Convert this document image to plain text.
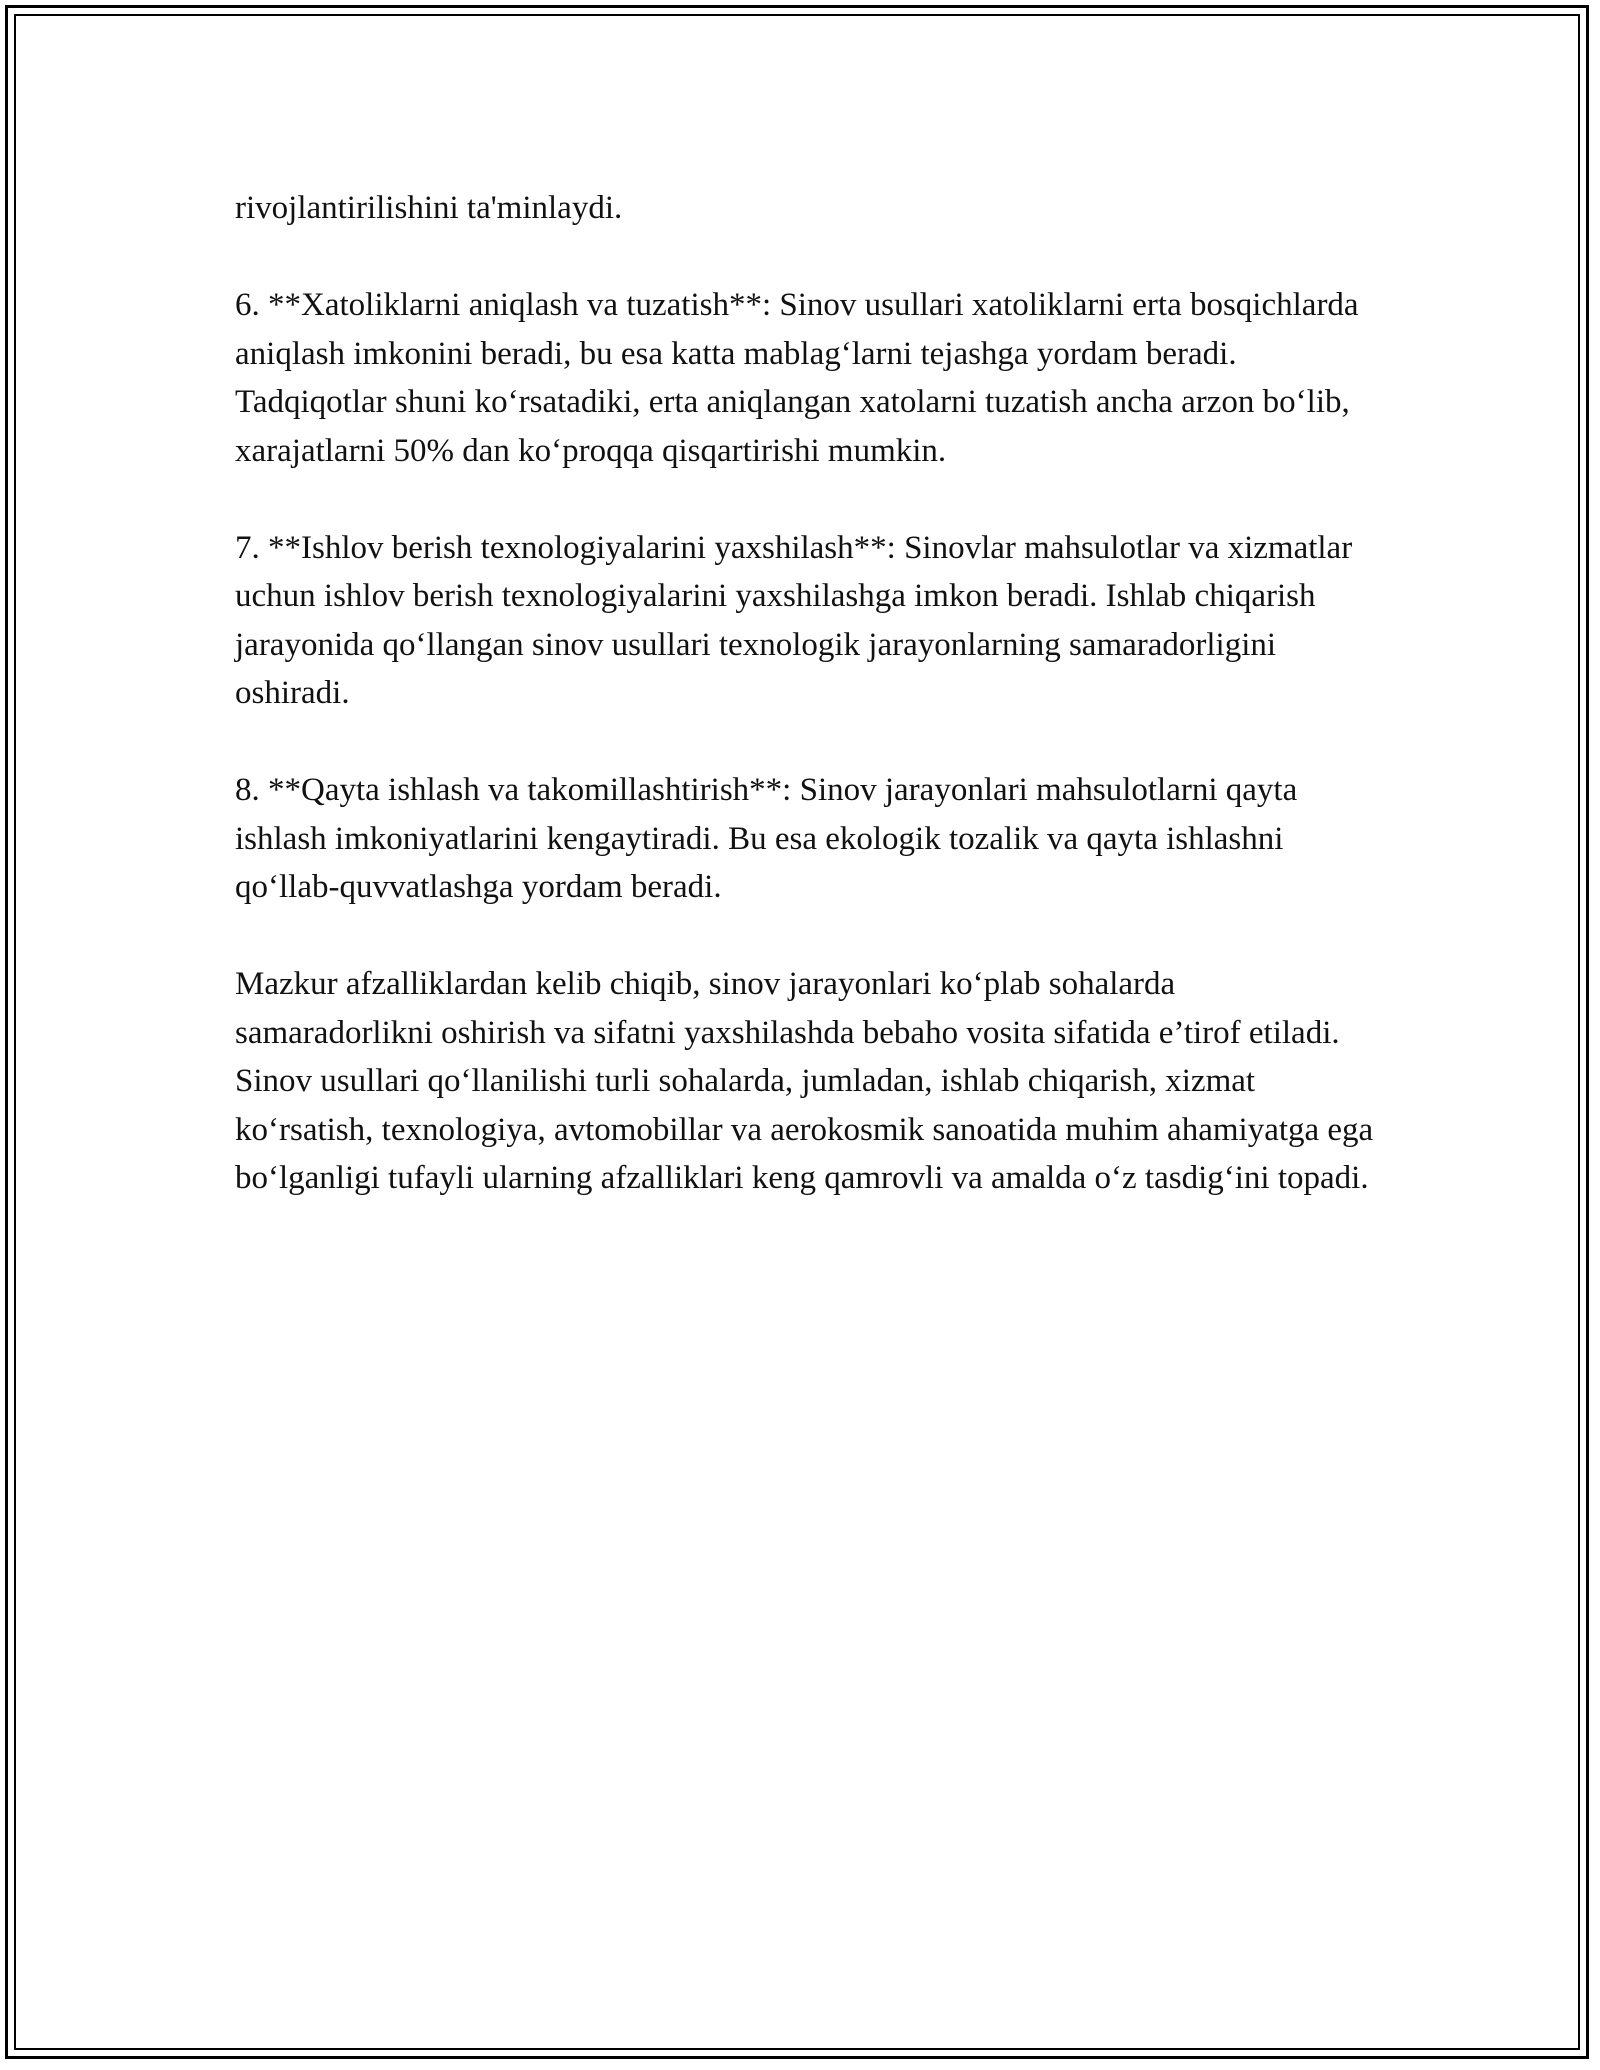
rivojlantirilishini ta'minlaydi.

6. **Xatoliklarni aniqlash va tuzatish**: Sinov usullari xatoliklarni erta bosqichlarda aniqlash imkonini beradi, bu esa katta mablag‘larni tejashga yordam beradi. Tadqiqotlar shuni ko‘rsatadiki, erta aniqlangan xatolarni tuzatish ancha arzon bo‘lib, xarajatlarni 50% dan ko‘proqqa qisqartirishi mumkin.

7. **Ishlov berish texnologiyalarini yaxshilash**: Sinovlar mahsulotlar va xizmatlar uchun ishlov berish texnologiyalarini yaxshilashga imkon beradi. Ishlab chiqarish jarayonida qo‘llangan sinov usullari texnologik jarayonlarning samaradorligini oshiradi.

8. **Qayta ishlash va takomillashtirish**: Sinov jarayonlari mahsulotlarni qayta ishlash imkoniyatlarini kengaytiradi. Bu esa ekologik tozalik va qayta ishlashni qo‘llab-quvvatlashga yordam beradi.

Mazkur afzalliklardan kelib chiqib, sinov jarayonlari ko‘plab sohalarda samaradorlikni oshirish va sifatni yaxshilashda bebaho vosita sifatida e’tirof etiladi. Sinov usullari qo‘llanilishi turli sohalarda, jumladan, ishlab chiqarish, xizmat ko‘rsatish, texnologiya, avtomobillar va aerokosmik sanoatida muhim ahamiyatga ega bo‘lganligi tufayli ularning afzalliklari keng qamrovli va amalda o‘z tasdig‘ini topadi.
